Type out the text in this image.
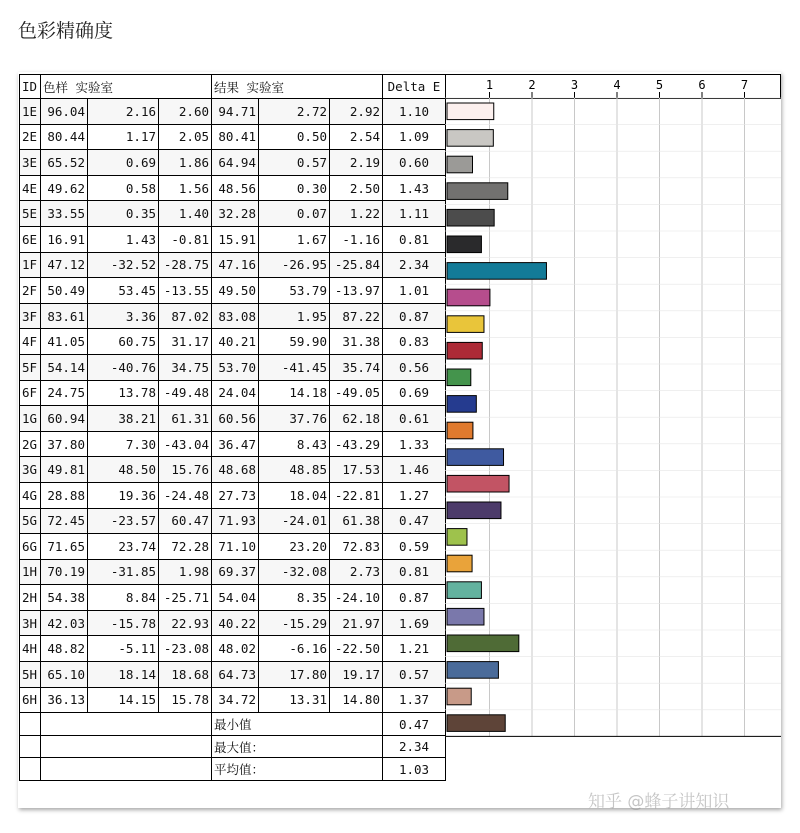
色彩精确度
ID	色样 实验室			结果 实验室			Delta E
1E	96.04	2.16	2.60	94.71	2.72	2.92	1.10
2E	80.44	1.17	2.05	80.41	0.50	2.54	1.09
3E	65.52	0.69	1.86	64.94	0.57	2.19	0.60
4E	49.62	0.58	1.56	48.56	0.30	2.50	1.43
5E	33.55	0.35	1.40	32.28	0.07	1.22	1.11
6E	16.91	1.43	-0.81	15.91	1.67	-1.16	0.81
1F	47.12	-32.52	-28.75	47.16	-26.95	-25.84	2.34
2F	50.49	53.45	-13.55	49.50	53.79	-13.97	1.01
3F	83.61	3.36	87.02	83.08	1.95	87.22	0.87
4F	41.05	60.75	31.17	40.21	59.90	31.38	0.83
5F	54.14	-40.76	34.75	53.70	-41.45	35.74	0.56
6F	24.75	13.78	-49.48	24.04	14.18	-49.05	0.69
1G	60.94	38.21	61.31	60.56	37.76	62.18	0.61
2G	37.80	7.30	-43.04	36.47	8.43	-43.29	1.33
3G	49.81	48.50	15.76	48.68	48.85	17.53	1.46
4G	28.88	19.36	-24.48	27.73	18.04	-22.81	1.27
5G	72.45	-23.57	60.47	71.93	-24.01	61.38	0.47
6G	71.65	23.74	72.28	71.10	23.20	72.83	0.59
1H	70.19	-31.85	1.98	69.37	-32.08	2.73	0.81
2H	54.38	8.84	-25.71	54.04	8.35	-24.10	0.87
3H	42.03	-15.78	22.93	40.22	-15.29	21.97	1.69
4H	48.82	-5.11	-23.08	48.02	-6.16	-22.50	1.21
5H	65.10	18.14	18.68	64.73	17.80	19.17	0.57
6H	36.13	14.15	15.78	34.72	13.31	14.80	1.37
				最小值			0.47
				最大值：			2.34
				平均值：			1.03
1	2	3	4	5	6	7
知乎 @蜂子讲知识
